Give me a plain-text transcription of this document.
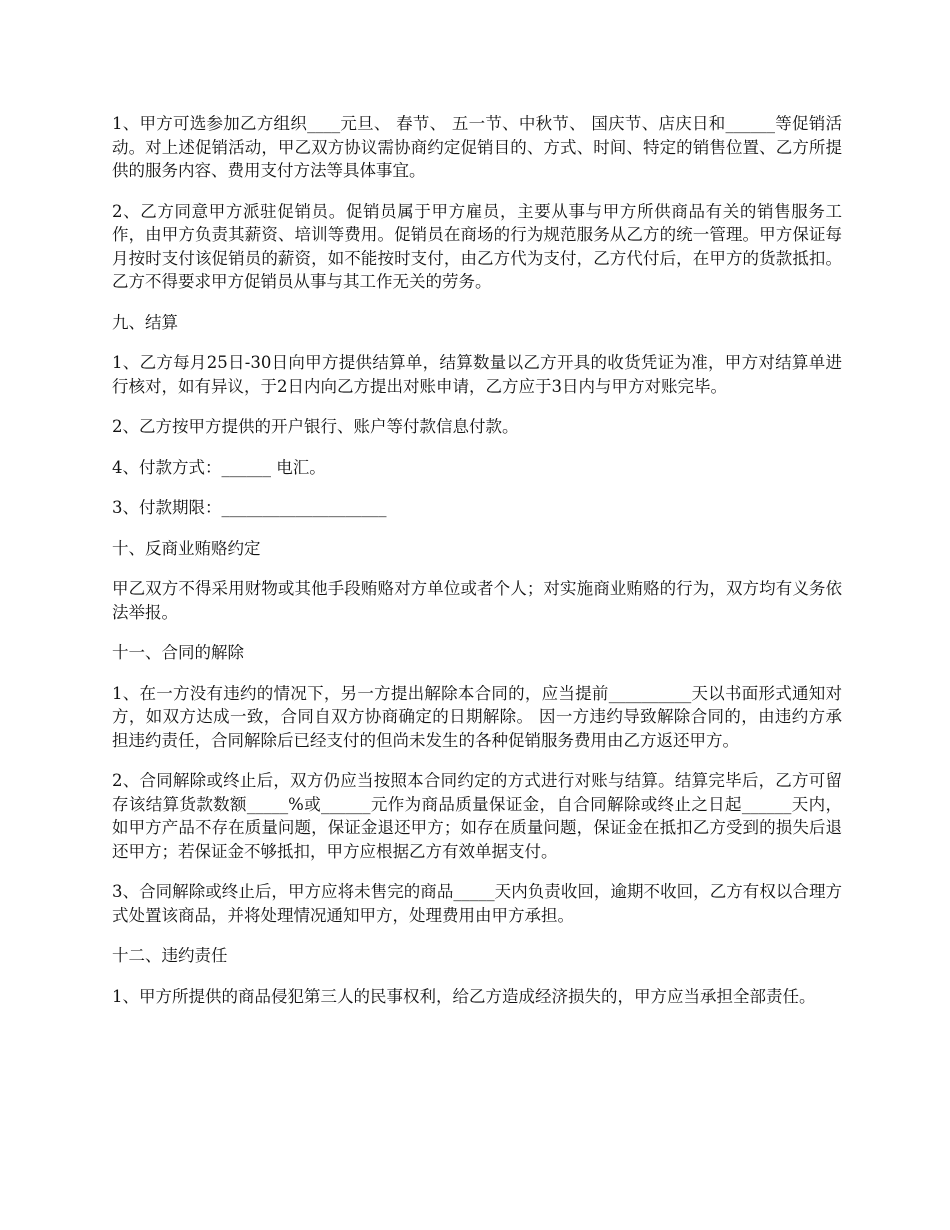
1、甲方可选参加乙方组织____元旦、 春节、 五一节、中秋节、 国庆节、店庆日和______等促销活动。对上述促销活动，甲乙双方协议需协商约定促销目的、方式、时间、特定的销售位置、乙方所提供的服务内容、费用支付方法等具体事宜。

2、乙方同意甲方派驻促销员。促销员属于甲方雇员，主要从事与甲方所供商品有关的销售服务工作，由甲方负责其薪资、培训等费用。促销员在商场的行为规范服务从乙方的统一管理。甲方保证每月按时支付该促销员的薪资，如不能按时支付，由乙方代为支付，乙方代付后，在甲方的货款抵扣。乙方不得要求甲方促销员从事与其工作无关的劳务。

九、结算

1、乙方每月25日-30日向甲方提供结算单，结算数量以乙方开具的收货凭证为准，甲方对结算单进行核对，如有异议，于2日内向乙方提出对账申请，乙方应于3日内与甲方对账完毕。

2、乙方按甲方提供的开户银行、账户等付款信息付款。

4、付款方式：______ 电汇。

3、付款期限：____________________

十、反商业贿赂约定

甲乙双方不得采用财物或其他手段贿赂对方单位或者个人；对实施商业贿赂的行为，双方均有义务依法举报。

十一、合同的解除

1、在一方没有违约的情况下，另一方提出解除本合同的，应当提前__________天以书面形式通知对方，如双方达成一致，合同自双方协商确定的日期解除。 因一方违约导致解除合同的，由违约方承担违约责任，合同解除后已经支付的但尚未发生的各种促销服务费用由乙方返还甲方。

2、合同解除或终止后，双方仍应当按照本合同约定的方式进行对账与结算。结算完毕后，乙方可留存该结算货款数额_____%或______元作为商品质量保证金，自合同解除或终止之日起______天内，如甲方产品不存在质量问题，保证金退还甲方；如存在质量问题，保证金在抵扣乙方受到的损失后退还甲方；若保证金不够抵扣，甲方应根据乙方有效单据支付。

3、合同解除或终止后，甲方应将未售完的商品_____天内负责收回，逾期不收回，乙方有权以合理方式处置该商品，并将处理情况通知甲方，处理费用由甲方承担。

十二、违约责任

1、甲方所提供的商品侵犯第三人的民事权利，给乙方造成经济损失的，甲方应当承担全部责任。
